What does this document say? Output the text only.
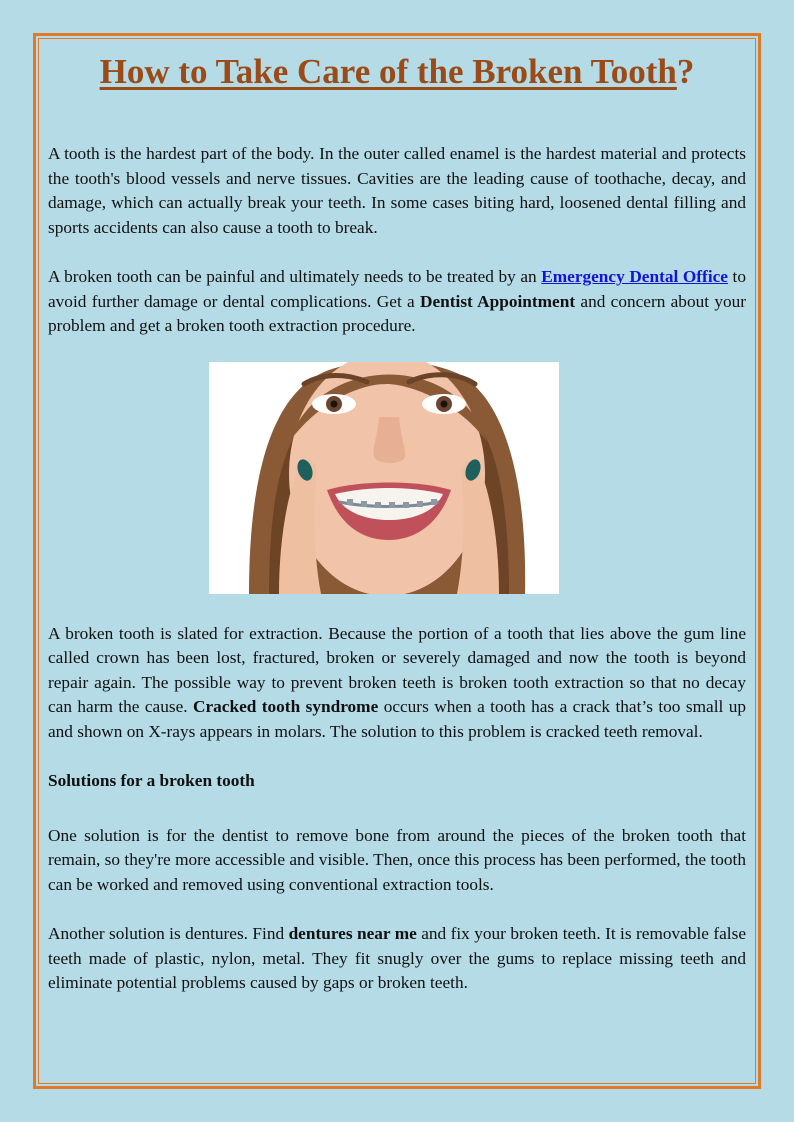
How to Take Care of the Broken Tooth?

A tooth is the hardest part of the body. In the outer called enamel is the hardest material and protects the tooth's blood vessels and nerve tissues. Cavities are the leading cause of toothache, decay, and damage, which can actually break your teeth. In some cases biting hard, loosened dental filling and sports accidents can also cause a tooth to break.

A broken tooth can be painful and ultimately needs to be treated by an Emergency Dental Office to avoid further damage or dental complications. Get a Dentist Appointment and concern about your problem and get a broken tooth extraction procedure.

A broken tooth is slated for extraction. Because the portion of a tooth that lies above the gum line called crown has been lost, fractured, broken or severely damaged and now the tooth is beyond repair again. The possible way to prevent broken teeth is broken tooth extraction so that no decay can harm the cause. Cracked tooth syndrome occurs when a tooth has a crack that’s too small up and shown on X-rays appears in molars. The solution to this problem is cracked teeth removal.

Solutions for a broken tooth

One solution is for the dentist to remove bone from around the pieces of the broken tooth that remain, so they're more accessible and visible. Then, once this process has been performed, the tooth can be worked and removed using conventional extraction tools.

Another solution is dentures. Find dentures near me and fix your broken teeth. It is removable false teeth made of plastic, nylon, metal. They fit snugly over the gums to replace missing teeth and eliminate potential problems caused by gaps or broken teeth.
